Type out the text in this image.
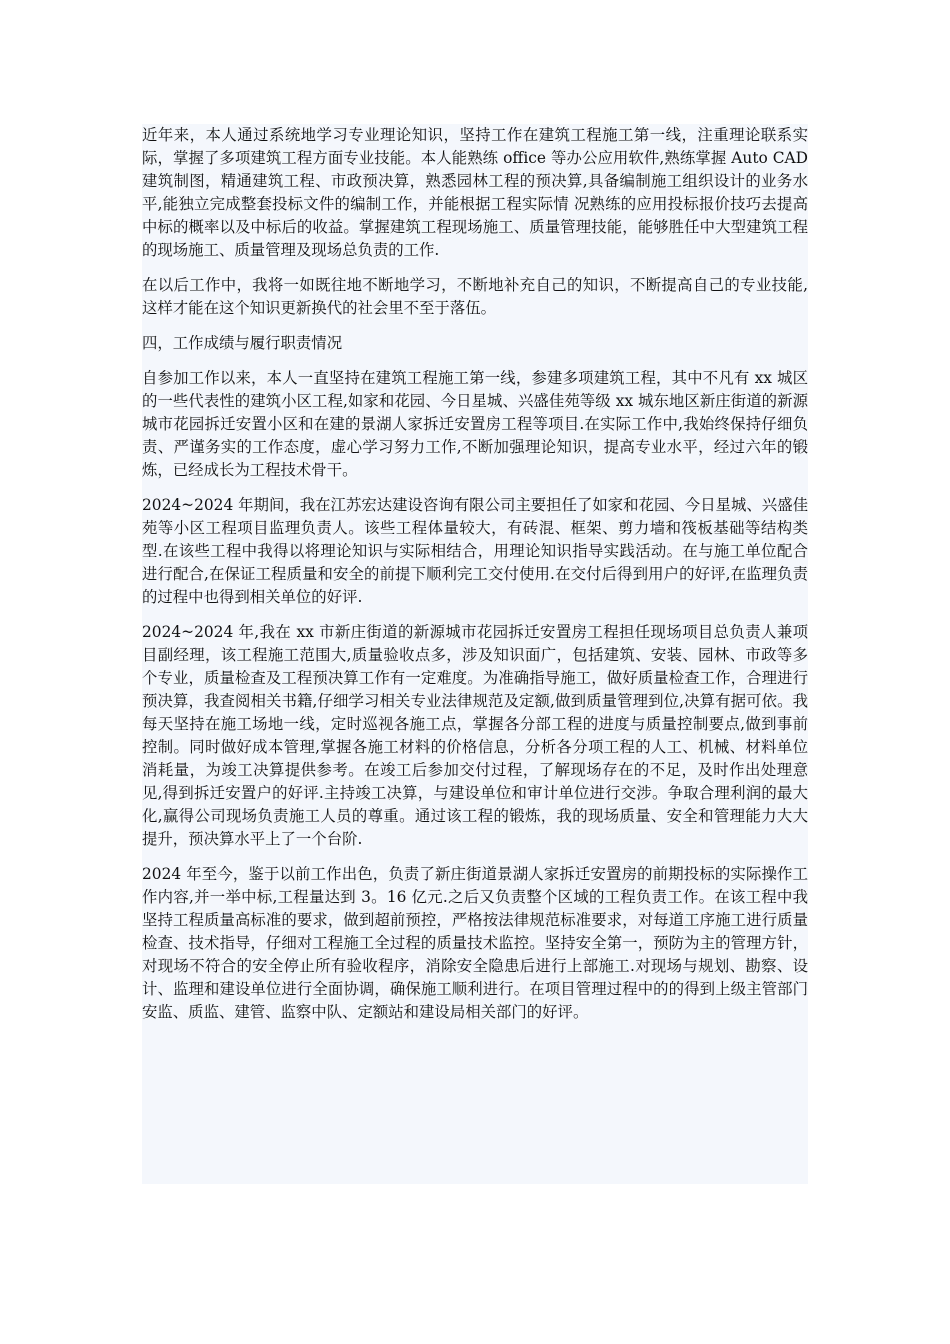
近年来，本人通过系统地学习专业理论知识，坚持工作在建筑工程施工第一线，注重理论联系实际，掌握了多项建筑工程方面专业技能。本人能熟练 office 等办公应用软件,熟练掌握 Auto CAD 建筑制图，精通建筑工程、市政预决算，熟悉园林工程的预决算,具备编制施工组织设计的业务水平,能独立完成整套投标文件的编制工作，并能根据工程实际情 况熟练的应用投标报价技巧去提高中标的概率以及中标后的收益。掌握建筑工程现场施工、质量管理技能，能够胜任中大型建筑工程的现场施工、质量管理及现场总负责的工作.

在以后工作中，我将一如既往地不断地学习，不断地补充自己的知识，不断提高自己的专业技能,这样才能在这个知识更新换代的社会里不至于落伍。

四，工作成绩与履行职责情况

自参加工作以来，本人一直坚持在建筑工程施工第一线，参建多项建筑工程，其中不凡有 xx 城区的一些代表性的建筑小区工程,如家和花园、今日星城、兴盛佳苑等级 xx 城东地区新庄街道的新源城市花园拆迁安置小区和在建的景湖人家拆迁安置房工程等项目.在实际工作中,我始终保持仔细负责、严谨务实的工作态度，虚心学习努力工作,不断加强理论知识，提高专业水平，经过六年的锻炼，已经成长为工程技术骨干。

2024~2024 年期间，我在江苏宏达建设咨询有限公司主要担任了如家和花园、今日星城、兴盛佳苑等小区工程项目监理负责人。该些工程体量较大，有砖混、框架、剪力墙和筏板基础等结构类型.在该些工程中我得以将理论知识与实际相结合，用理论知识指导实践活动。在与施工单位配合进行配合,在保证工程质量和安全的前提下顺利完工交付使用.在交付后得到用户的好评,在监理负责的过程中也得到相关单位的好评.

2024~2024 年,我在 xx 市新庄街道的新源城市花园拆迁安置房工程担任现场项目总负责人兼项目副经理，该工程施工范围大,质量验收点多，涉及知识面广，包括建筑、安装、园林、市政等多个专业，质量检查及工程预决算工作有一定难度。为准确指导施工，做好质量检查工作，合理进行预决算，我查阅相关书籍,仔细学习相关专业法律规范及定额,做到质量管理到位,决算有据可依。我每天坚持在施工场地一线，定时巡视各施工点，掌握各分部工程的进度与质量控制要点,做到事前控制。同时做好成本管理,掌握各施工材料的价格信息，分析各分项工程的人工、机械、材料单位消耗量，为竣工决算提供参考。在竣工后参加交付过程，了解现场存在的不足，及时作出处理意见,得到拆迁安置户的好评.主持竣工决算，与建设单位和审计单位进行交涉。争取合理利润的最大化,赢得公司现场负责施工人员的尊重。通过该工程的锻炼，我的现场质量、安全和管理能力大大提升，预决算水平上了一个台阶.

2024 年至今，鉴于以前工作出色，负责了新庄街道景湖人家拆迁安置房的前期投标的实际操作工作内容,并一举中标,工程量达到 3。16 亿元.之后又负责整个区域的工程负责工作。在该工程中我坚持工程质量高标准的要求，做到超前预控，严格按法律规范标准要求，对每道工序施工进行质量检查、技术指导，仔细对工程施工全过程的质量技术监控。坚持安全第一，预防为主的管理方针，对现场不符合的安全停止所有验收程序，消除安全隐患后进行上部施工.对现场与规划、勘察、设计、监理和建设单位进行全面协调，确保施工顺利进行。在项目管理过程中的的得到上级主管部门安监、质监、建管、监察中队、定额站和建设局相关部门的好评。
